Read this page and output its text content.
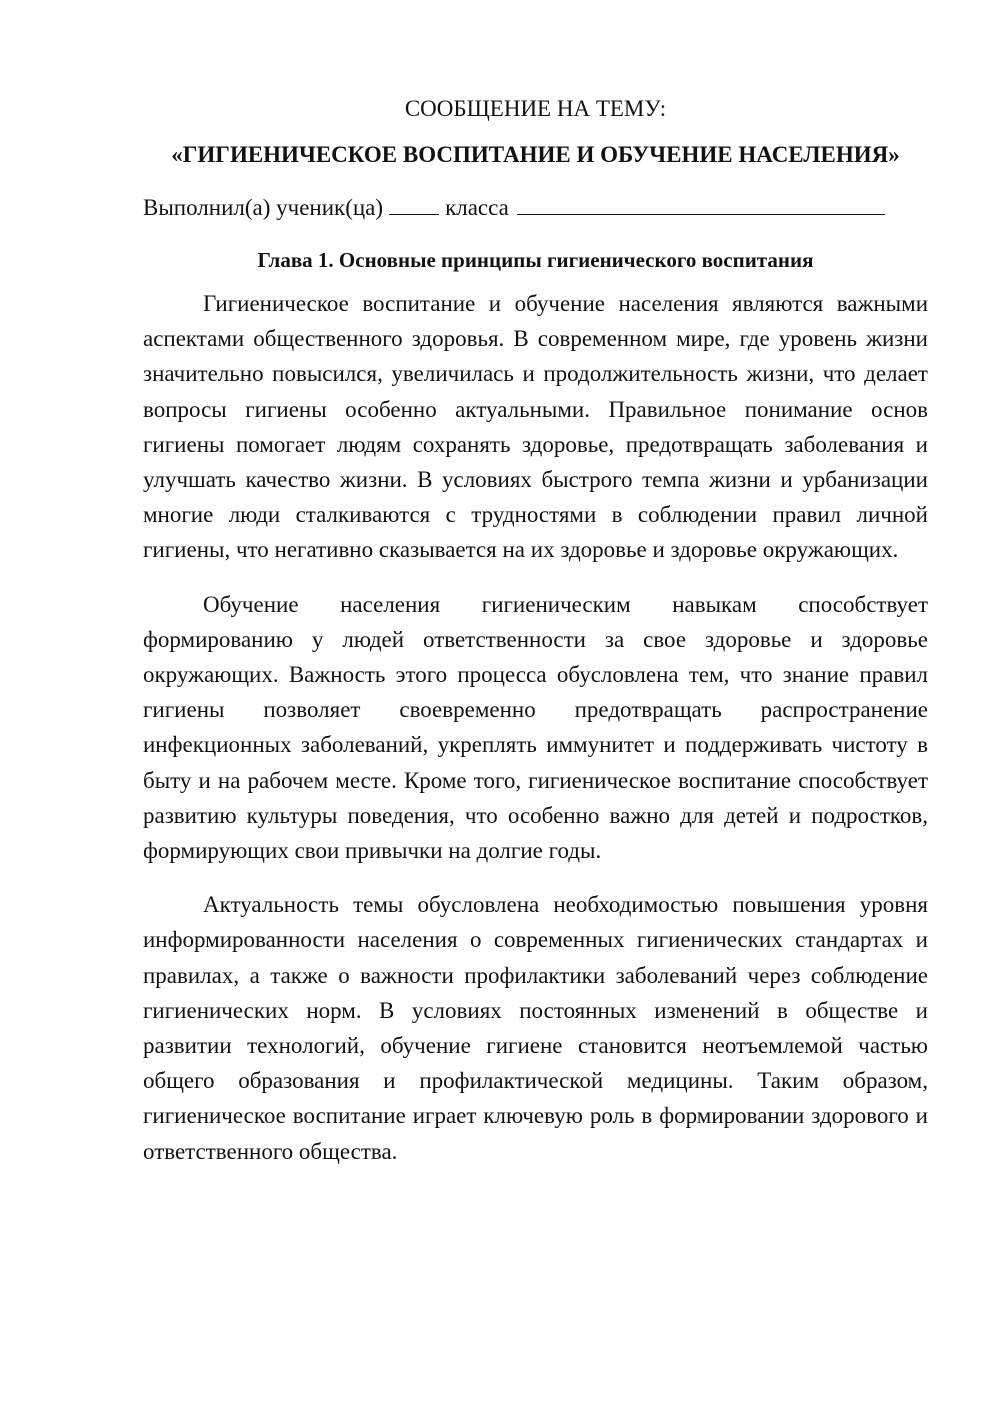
СООБЩЕНИЕ НА ТЕМУ:
«ГИГИЕНИЧЕСКОЕ ВОСПИТАНИЕ И ОБУЧЕНИЕ НАСЕЛЕНИЯ»
Выполнил(а) ученик(ца)	класса
Глава 1. Основные принципы гигиенического воспитания

Гигиеническое воспитание и обучение населения являются важными аспектами общественного здоровья. В современном мире, где уровень жизни значительно повысился, увеличилась и продолжительность жизни, что делает вопросы гигиены особенно актуальными. Правильное понимание основ гигиены помогает людям сохранять здоровье, предотвращать заболевания и улучшать качество жизни. В условиях быстрого темпа жизни и урбанизации многие люди сталкиваются с трудностями в соблюдении правил личной гигиены, что негативно сказывается на их здоровье и здоровье окружающих.

Обучение населения гигиеническим навыкам способствует формированию у людей ответственности за свое здоровье и здоровье окружающих. Важность этого процесса обусловлена тем, что знание правил гигиены позволяет своевременно предотвращать распространение инфекционных заболеваний, укреплять иммунитет и поддерживать чистоту в быту и на рабочем месте. Кроме того, гигиеническое воспитание способствует развитию культуры поведения, что особенно важно для детей и подростков, формирующих свои привычки на долгие годы.

Актуальность темы обусловлена необходимостью повышения уровня информированности населения о современных гигиенических стандартах и правилах, а также о важности профилактики заболеваний через соблюдение гигиенических норм. В условиях постоянных изменений в обществе и развитии технологий, обучение гигиене становится неотъемлемой частью общего образования и профилактической медицины. Таким образом, гигиеническое воспитание играет ключевую роль в формировании здорового и ответственного общества.
